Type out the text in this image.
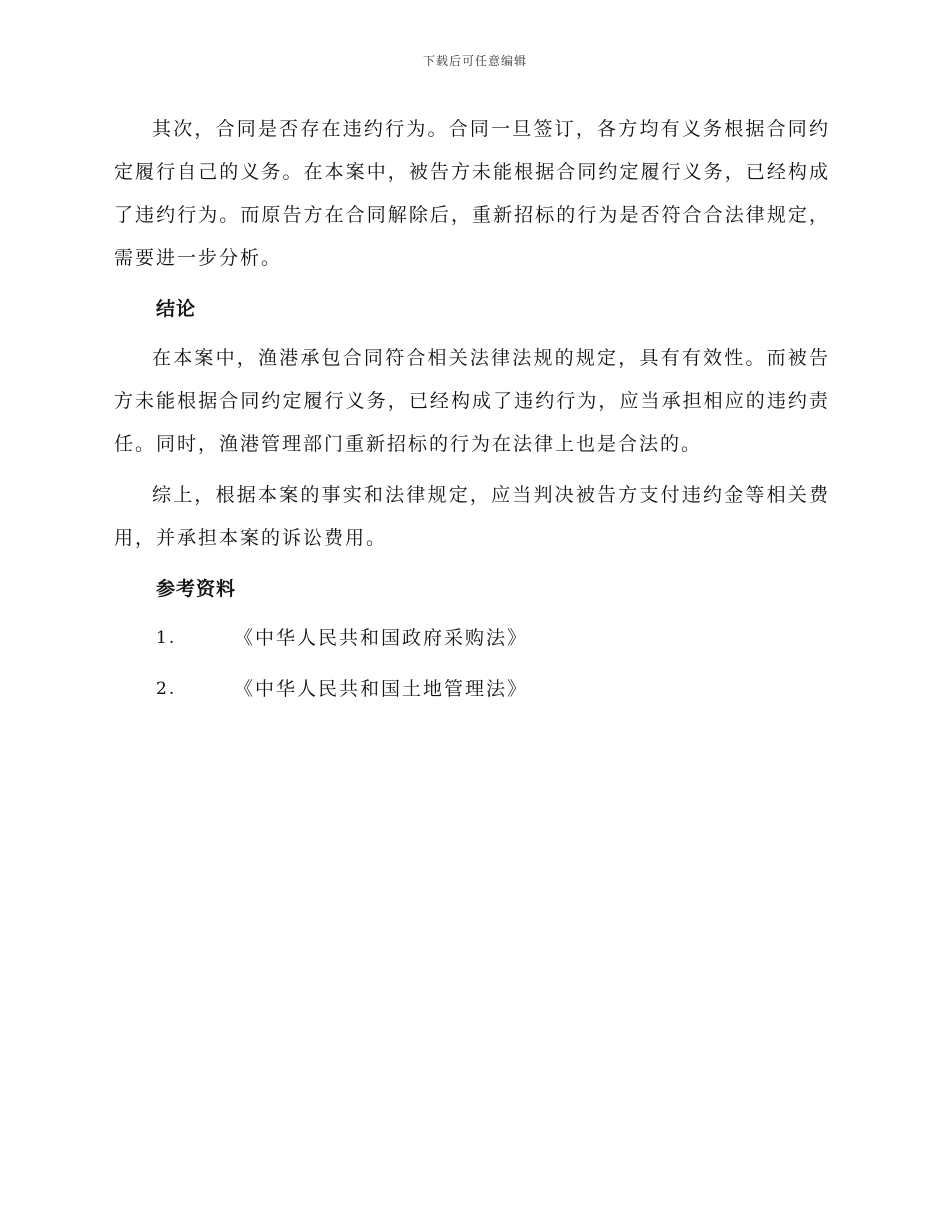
下载后可任意编辑

其次，合同是否存在违约行为。合同一旦签订，各方均有义务根据合同约定履行自己的义务。在本案中，被告方未能根据合同约定履行义务，已经构成了违约行为。而原告方在合同解除后，重新招标的行为是否符合合法律规定，需要进一步分析。

结论

在本案中，渔港承包合同符合相关法律法规的规定，具有有效性。而被告方未能根据合同约定履行义务，已经构成了违约行为，应当承担相应的违约责任。同时，渔港管理部门重新招标的行为在法律上也是合法的。

综上，根据本案的事实和法律规定，应当判决被告方支付违约金等相关费用，并承担本案的诉讼费用。

参考资料
1.	《中华人民共和国政府采购法》
2.	《中华人民共和国土地管理法》
